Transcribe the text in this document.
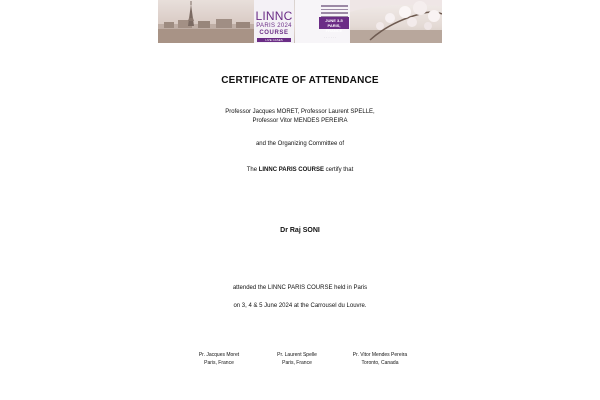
LINNC
PARIS 2024
COURSE
LIVE CASES
JUNE 3-5
PARIS, FRANCE
· · · · · ·
CERTIFICATE OF ATTENDANCE
Professor Jacques MORET, Professor Laurent SPELLE,
Professor Vitor MENDES PEREIRA
and the Organizing Committee of
The LINNC PARIS COURSE certify that
Dr Raj SONI
attended the LINNC PARIS COURSE held in Paris
on 3, 4 & 5 June 2024 at the Carrousel du Louvre.
Pr. Jacques Moret
Paris, France
Pr. Laurent Spelle
Paris, France
Pr. Vitor Mendes Pereira
Toronto, Canada
